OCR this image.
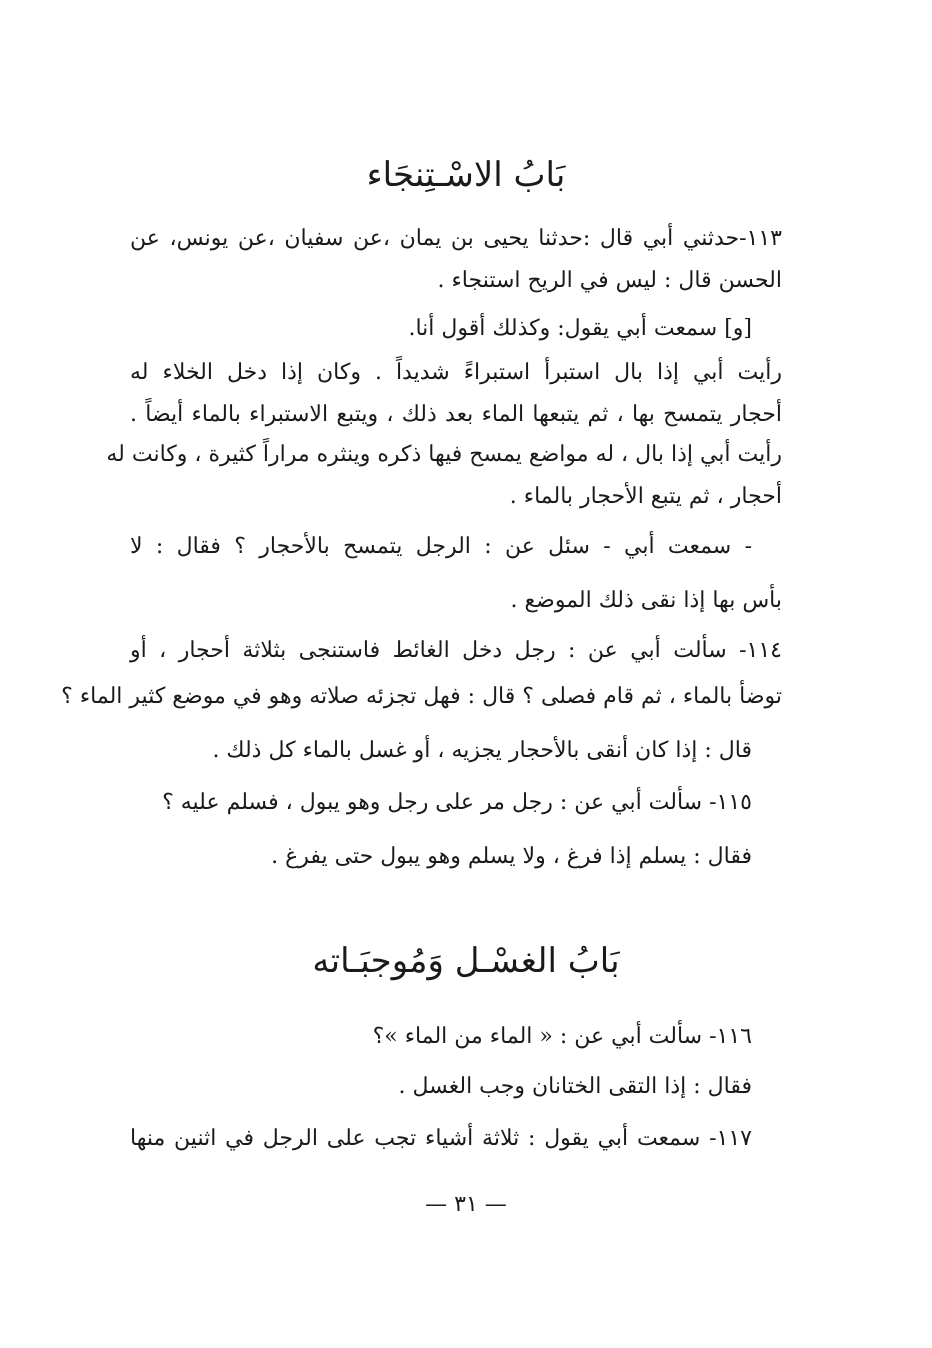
بَابُ الاسْـتِنجَاء
١١٣-حدثني أبي قال :حدثنا يحيى بن يمان ،عن سفيان ،عن يونس، عن
الحسن قال : ليس في الريح استنجاء .
[و] سمعت أبي يقول: وكذلك أقول أنا.
رأيت أبي إذا بال استبرأ استبراءً شديداً . وكان إذا دخل الخلاء له
أحجار يتمسح بها ، ثم يتبعها الماء بعد ذلك ، ويتبع الاستبراء بالماء أيضاً .
رأيت أبي إذا بال ، له مواضع يمسح فيها ذكره وينثره مراراً كثيرة ، وكانت له
أحجار ، ثم يتبع الأحجار بالماء .
- سمعت أبي - سئل عن : الرجل يتمسح بالأحجار ؟ فقال : لا
بأس بها إذا نقى ذلك الموضع .
١١٤- سألت أبي عن : رجل دخل الغائط فاستنجى بثلاثة أحجار ، أو
توضأ بالماء ، ثم قام فصلى ؟ قال : فهل تجزئه صلاته وهو في موضع كثير الماء ؟
قال : إذا كان أنقى بالأحجار يجزيه ، أو غسل بالماء كل ذلك .
١١٥- سألت أبي عن : رجل مر على رجل وهو يبول ، فسلم عليه ؟
فقال : يسلم إذا فرغ ، ولا يسلم وهو يبول حتى يفرغ .
بَابُ الغسْـل وَمُوجبَـاته
١١٦- سألت أبي عن : « الماء من الماء »؟
فقال : إذا التقى الختانان وجب الغسل .
١١٧- سمعت أبي يقول : ثلاثة أشياء تجب على الرجل في اثنين منها
— ٣١ —
